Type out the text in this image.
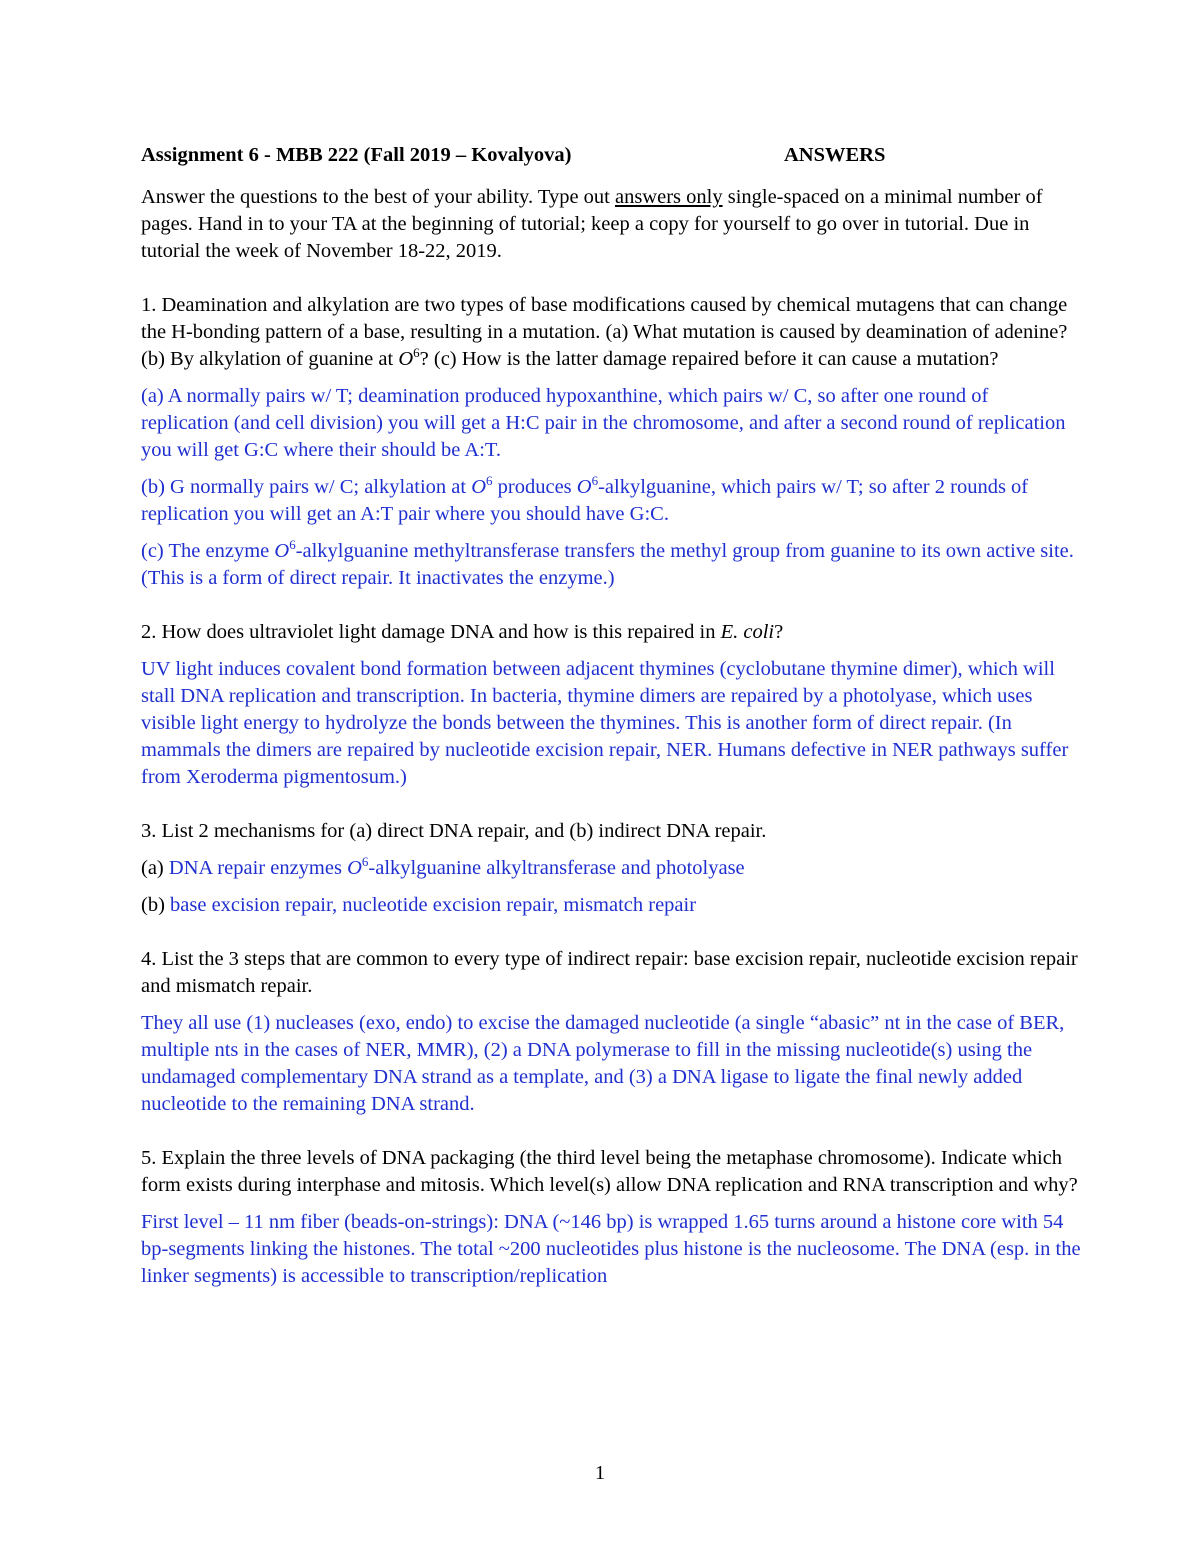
Assignment 6 - MBB 222 (Fall 2019 – Kovalyova)	ANSWERS

Answer the questions to the best of your ability. Type out answers only single-spaced on a minimal number of pages. Hand in to your TA at the beginning of tutorial; keep a copy for yourself to go over in tutorial. Due in tutorial the week of November 18-22, 2019.

1. Deamination and alkylation are two types of base modifications caused by chemical mutagens that can change the H-bonding pattern of a base, resulting in a mutation. (a) What mutation is caused by deamination of adenine? (b) By alkylation of guanine at $O^6$? (c) How is the latter damage repaired before it can cause a mutation?

(a) A normally pairs w/ T; deamination produced hypoxanthine, which pairs w/ C, so after one round of replication (and cell division) you will get a H:C pair in the chromosome, and after a second round of replication you will get G:C where their should be A:T.

(b) G normally pairs w/ C; alkylation at $O^6$ produces $O^6$-alkylguanine, which pairs w/ T; so after 2 rounds of replication you will get an A:T pair where you should have G:C.

(c) The enzyme $O^6$-alkylguanine methyltransferase transfers the methyl group from guanine to its own active site. (This is a form of direct repair. It inactivates the enzyme.)

2. How does ultraviolet light damage DNA and how is this repaired in E. coli?

UV light induces covalent bond formation between adjacent thymines (cyclobutane thymine dimer), which will stall DNA replication and transcription. In bacteria, thymine dimers are repaired by a photolyase, which uses visible light energy to hydrolyze the bonds between the thymines. This is another form of direct repair. (In mammals the dimers are repaired by nucleotide excision repair, NER. Humans defective in NER pathways suffer from Xeroderma pigmentosum.)

3. List 2 mechanisms for (a) direct DNA repair, and (b) indirect DNA repair.

(a) DNA repair enzymes $O^6$-alkylguanine alkyltransferase and photolyase

(b) base excision repair, nucleotide excision repair, mismatch repair

4. List the 3 steps that are common to every type of indirect repair: base excision repair, nucleotide excision repair and mismatch repair.

They all use (1) nucleases (exo, endo) to excise the damaged nucleotide (a single “abasic” nt in the case of BER, multiple nts in the cases of NER, MMR), (2) a DNA polymerase to fill in the missing nucleotide(s) using the undamaged complementary DNA strand as a template, and (3) a DNA ligase to ligate the final newly added nucleotide to the remaining DNA strand.

5. Explain the three levels of DNA packaging (the third level being the metaphase chromosome). Indicate which form exists during interphase and mitosis. Which level(s) allow DNA replication and RNA transcription and why?

First level – 11 nm fiber (beads-on-strings): DNA (~146 bp) is wrapped 1.65 turns around a histone core with 54 bp-segments linking the histones. The total ~200 nucleotides plus histone is the nucleosome. The DNA (esp. in the linker segments) is accessible to transcription/replication

1
